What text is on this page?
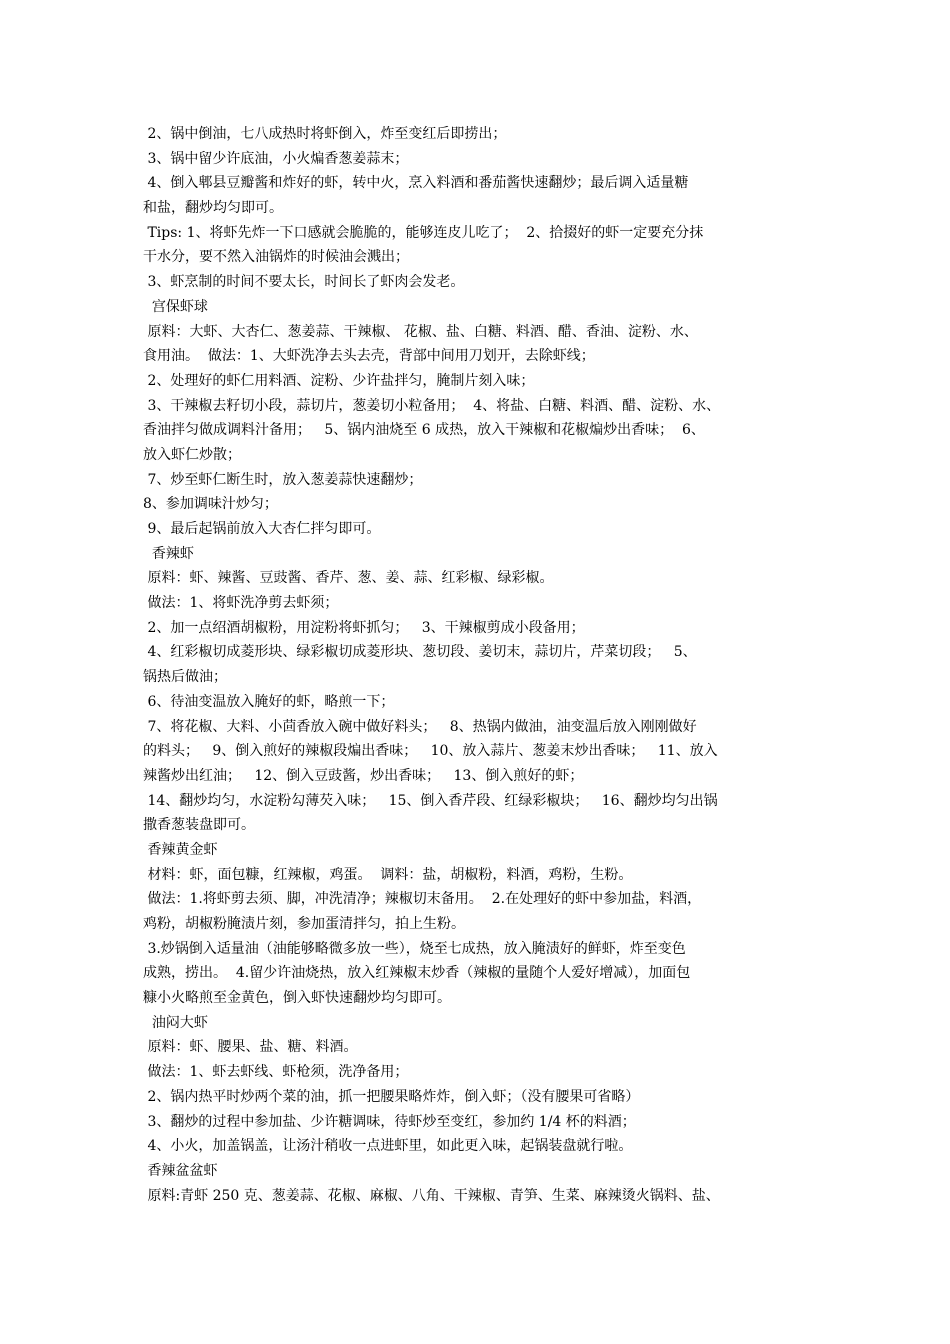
2、锅中倒油，七八成热时将虾倒入，炸至变红后即捞出；
3、锅中留少许底油，小火煸香葱姜蒜末；
4、倒入郫县豆瓣酱和炸好的虾，转中火，烹入料酒和番茄酱快速翻炒；最后调入适量糖
和盐，翻炒均匀即可。
Tips: 1、将虾先炸一下口感就会脆脆的，能够连皮儿吃了；  2、拾掇好的虾一定要充分抹
干水分，要不然入油锅炸的时候油会溅出；
3、虾烹制的时间不要太长，时间长了虾肉会发老。
宫保虾球
原料：大虾、大杏仁、葱姜蒜、干辣椒、 花椒、盐、白糖、料酒、醋、香油、淀粉、水、
食用油。  做法：1、大虾洗净去头去壳，背部中间用刀划开，去除虾线；
2、处理好的虾仁用料酒、淀粉、少许盐拌匀，腌制片刻入味；
3、干辣椒去籽切小段，蒜切片，葱姜切小粒备用；  4、将盐、白糖、料酒、醋、淀粉、水、
香油拌匀做成调料汁备用；   5、锅内油烧至 6 成热，放入干辣椒和花椒煸炒出香味；  6、
放入虾仁炒散；
7、炒至虾仁断生时，放入葱姜蒜快速翻炒；
8、参加调味汁炒匀；
9、最后起锅前放入大杏仁拌匀即可。
香辣虾
原料：虾、辣酱、豆豉酱、香芹、葱、姜、蒜、红彩椒、绿彩椒。
做法：1、将虾洗净剪去虾须；
2、加一点绍酒胡椒粉，用淀粉将虾抓匀；   3、干辣椒剪成小段备用；
4、红彩椒切成菱形块、绿彩椒切成菱形块、葱切段、姜切末，蒜切片，芹菜切段；   5、
锅热后做油；
6、待油变温放入腌好的虾，略煎一下；
7、将花椒、大料、小茴香放入碗中做好料头；   8、热锅内做油，油变温后放入刚刚做好
的料头；   9、倒入煎好的辣椒段煸出香味；   10、放入蒜片、葱姜末炒出香味；   11、放入
辣酱炒出红油；   12、倒入豆豉酱，炒出香味；   13、倒入煎好的虾；
14、翻炒均匀，水淀粉勾薄芡入味；   15、倒入香芹段、红绿彩椒块；   16、翻炒均匀出锅
撒香葱装盘即可。
香辣黄金虾
材料：虾，面包糠，红辣椒，鸡蛋。  调料：盐，胡椒粉，料酒，鸡粉，生粉。
做法：1.将虾剪去须、脚，冲洗清净；辣椒切末备用。  2.在处理好的虾中参加盐，料酒，
鸡粉，胡椒粉腌渍片刻，参加蛋清拌匀，拍上生粉。
3.炒锅倒入适量油（油能够略微多放一些），烧至七成热，放入腌渍好的鲜虾，炸至变色
成熟，捞出。  4.留少许油烧热，放入红辣椒末炒香（辣椒的量随个人爱好增减），加面包
糠小火略煎至金黄色，倒入虾快速翻炒均匀即可。
油闷大虾
原料：虾、腰果、盐、糖、料酒。
做法：1、虾去虾线、虾枪须，洗净备用；
2、锅内热平时炒两个菜的油，抓一把腰果略炸炸，倒入虾；（没有腰果可省略）
3、翻炒的过程中参加盐、少许糖调味，待虾炒至变红，参加约 1/4 杯的料酒；
4、小火，加盖锅盖，让汤汁稍收一点进虾里，如此更入味，起锅装盘就行啦。
香辣盆盆虾
原料:青虾 250 克、葱姜蒜、花椒、麻椒、八角、干辣椒、青笋、生菜、麻辣烫火锅料、盐、
